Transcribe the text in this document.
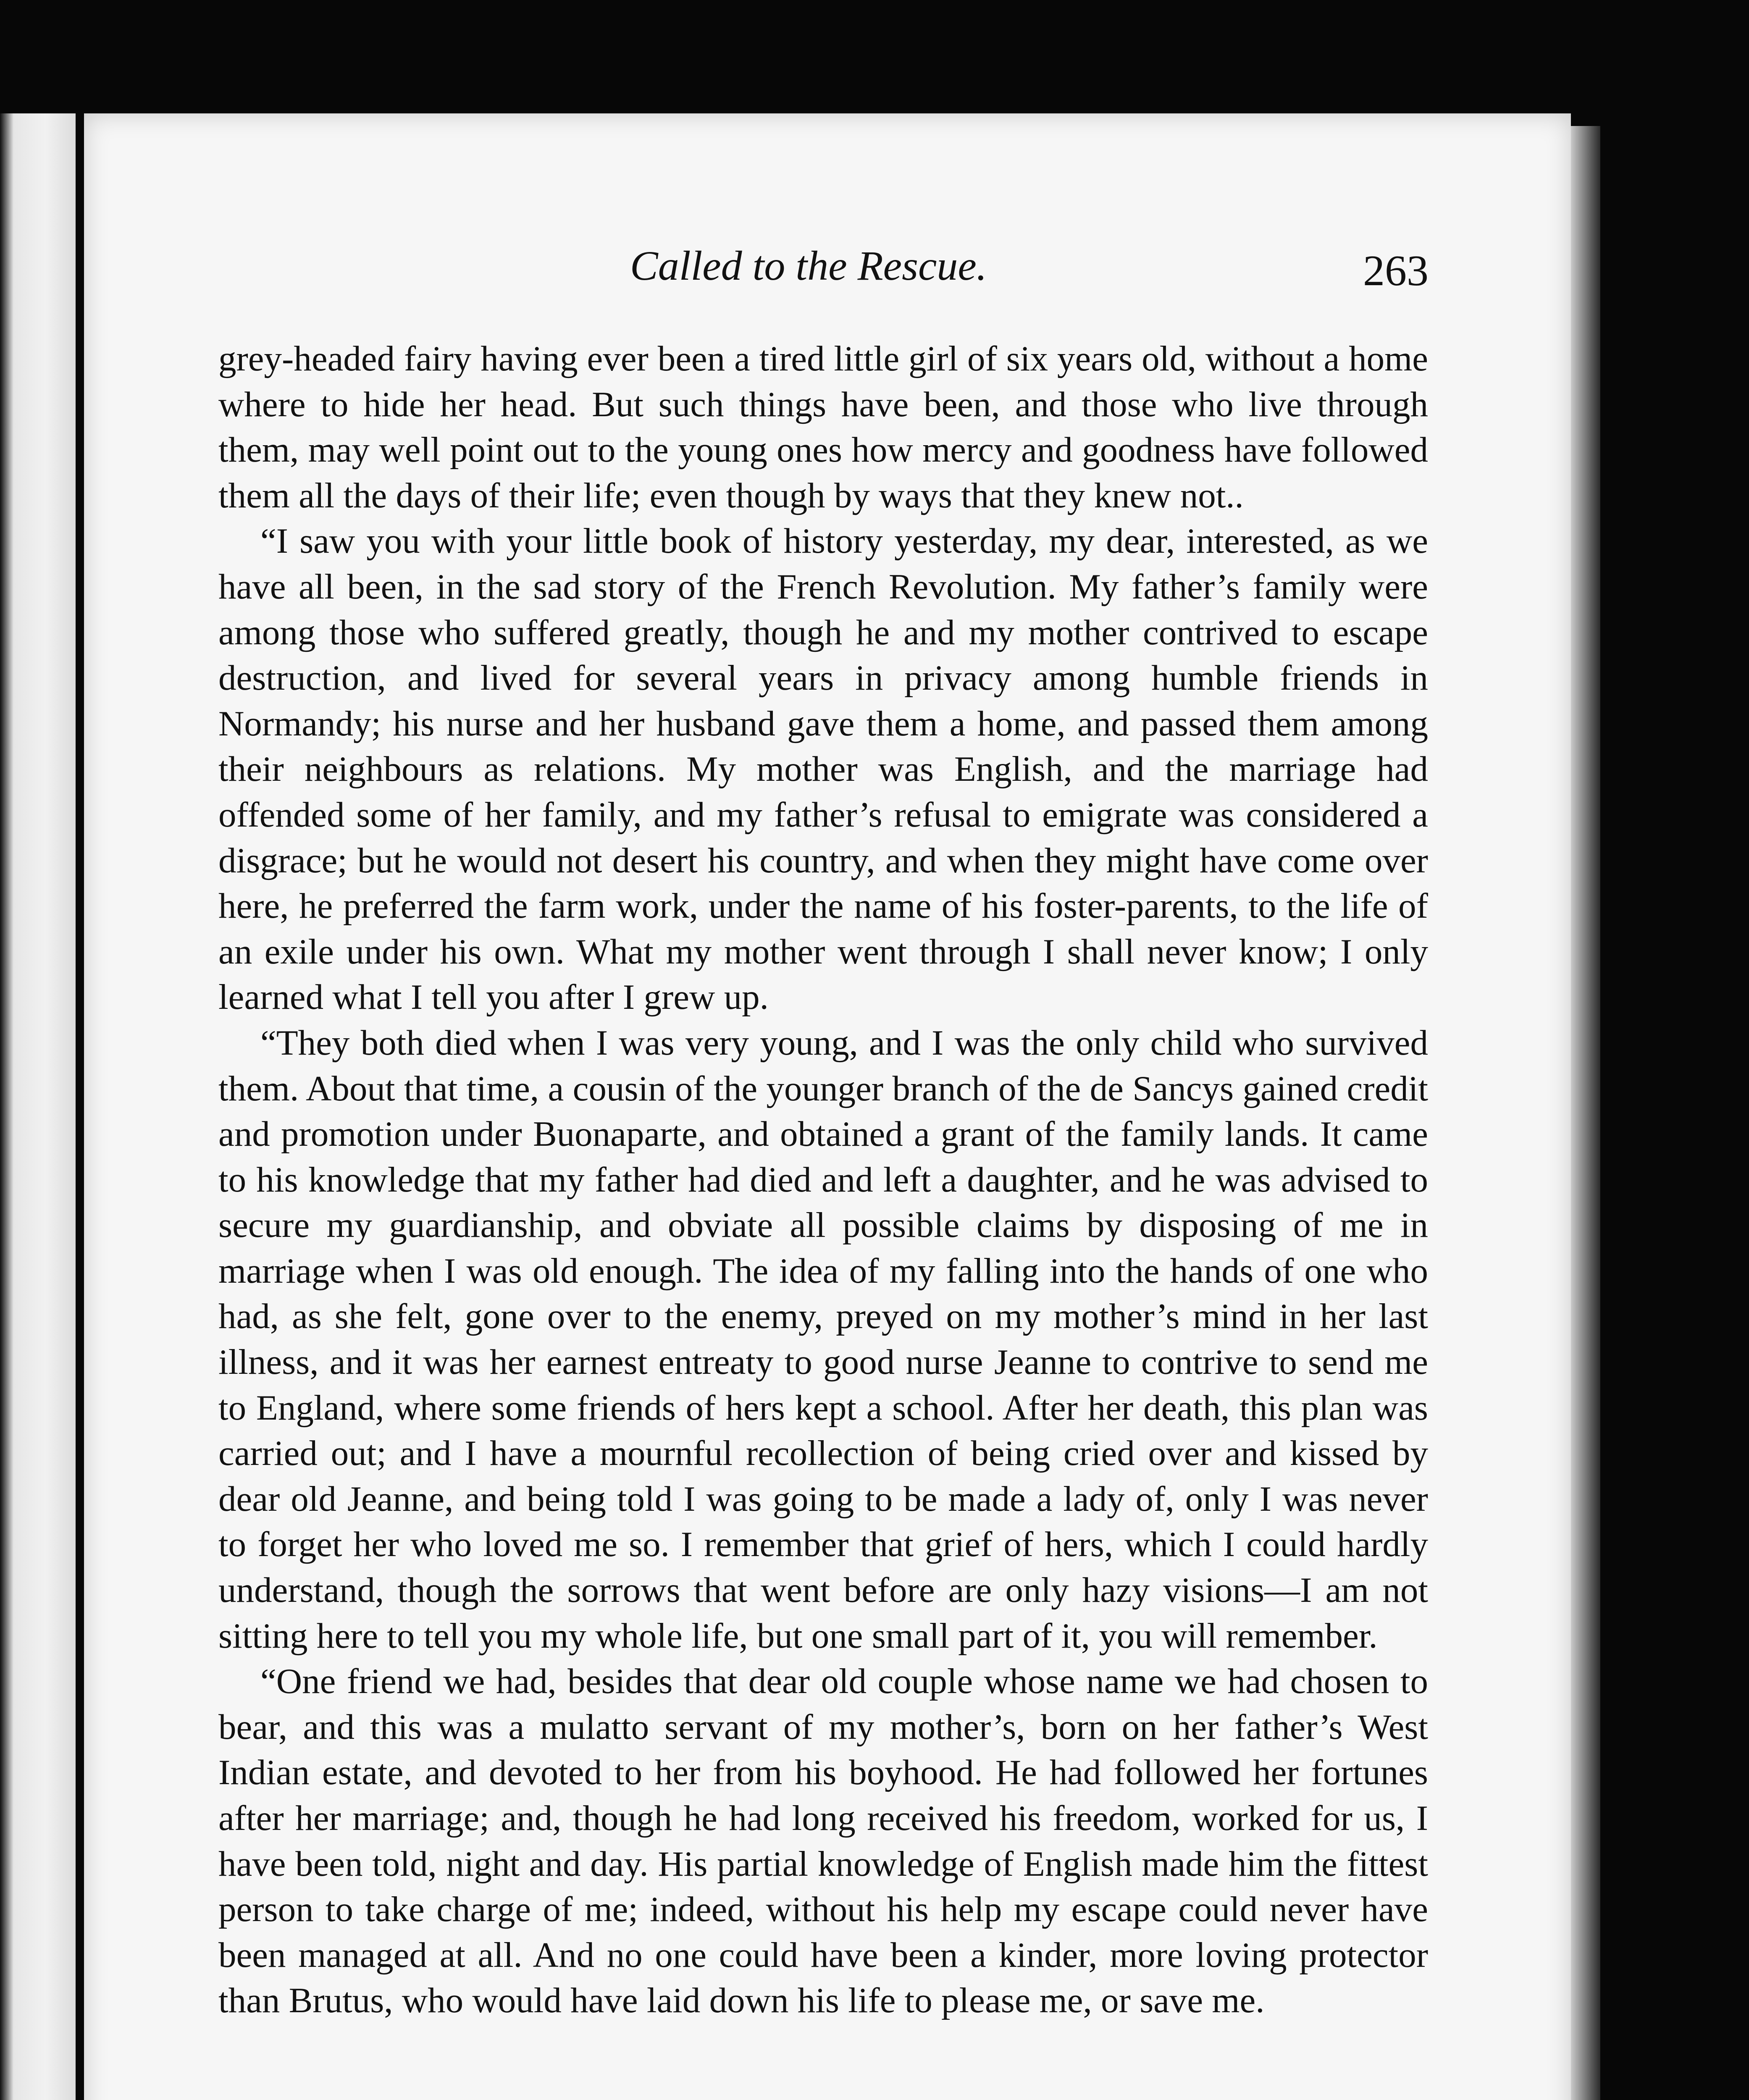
Called to the Rescue.	263

grey-headed fairy having ever been a tired little girl of six years old, without a home where to hide her head. But such things have been, and those who live through them, may well point out to the young ones how mercy and goodness have followed them all the days of their life; even though by ways that they knew not..

“I saw you with your little book of history yesterday, my dear, interested, as we have all been, in the sad story of the French Revolution. My father’s family were among those who suffered greatly, though he and my mother contrived to escape destruction, and lived for several years in privacy among humble friends in Normandy; his nurse and her husband gave them a home, and passed them among their neighbours as relations. My mother was English, and the marriage had offended some of her family, and my father’s refusal to emigrate was considered a disgrace; but he would not desert his country, and when they might have come over here, he preferred the farm work, under the name of his foster-parents, to the life of an exile under his own. What my mother went through I shall never know; I only learned what I tell you after I grew up.

“They both died when I was very young, and I was the only child who survived them. About that time, a cousin of the younger branch of the de Sancys gained credit and promotion under Buonaparte, and obtained a grant of the family lands. It came to his knowledge that my father had died and left a daughter, and he was advised to secure my guardianship, and obviate all possible claims by disposing of me in marriage when I was old enough. The idea of my falling into the hands of one who had, as she felt, gone over to the enemy, preyed on my mother’s mind in her last illness, and it was her earnest entreaty to good nurse Jeanne to contrive to send me to England, where some friends of hers kept a school. After her death, this plan was carried out; and I have a mournful recollection of being cried over and kissed by dear old Jeanne, and being told I was going to be made a lady of, only I was never to forget her who loved me so. I remember that grief of hers, which I could hardly understand, though the sorrows that went before are only hazy visions—I am not sitting here to tell you my whole life, but one small part of it, you will remember.

“One friend we had, besides that dear old couple whose name we had chosen to bear, and this was a mulatto servant of my mother’s, born on her father’s West Indian estate, and devoted to her from his boyhood. He had followed her fortunes after her marriage; and, though he had long received his freedom, worked for us, I have been told, night and day. His partial knowledge of English made him the fittest person to take charge of me; indeed, without his help my escape could never have been managed at all. And no one could have been a kinder, more loving protector than Brutus, who would have laid down his life to please me, or save me.
